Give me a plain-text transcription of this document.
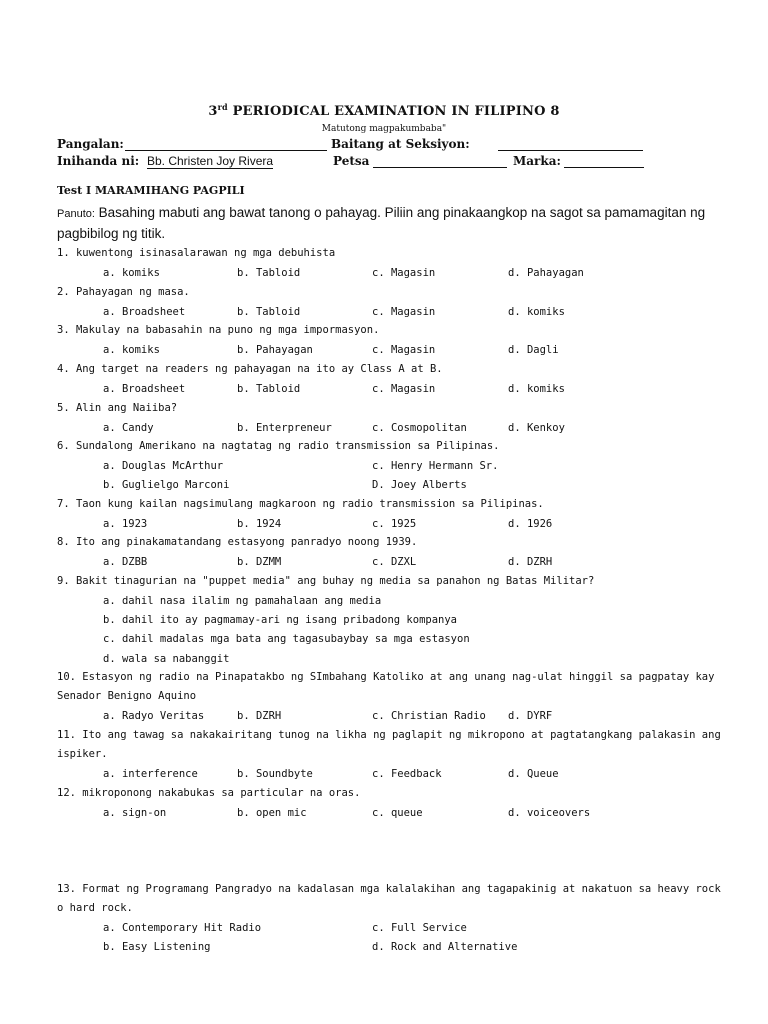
3rd PERIODICAL EXAMINATION IN FILIPINO 8
Matutong magpakumbaba"
Pangalan:	Baitang at Seksiyon:
Inihanda ni: Bb. Christen Joy Rivera	Petsa	Marka:
Test I MARAMIHANG PAGPILI
Panuto: Basahing mabuti ang bawat tanong o pahayag. Piliin ang pinakaangkop na sagot sa pamamagitan ng pagbibilog ng titik.
1. kuwentong isinasalarawan ng mga debuhista
a. komiks	b. Tabloid	c. Magasin	d. Pahayagan
2. Pahayagan ng masa.
a. Broadsheet	b. Tabloid	c. Magasin	d. komiks
3. Makulay na babasahin na puno ng mga impormasyon.
a. komiks	b. Pahayagan	c. Magasin	d. Dagli
4. Ang target na readers ng pahayagan na ito ay Class A at B.
a. Broadsheet	b. Tabloid	c. Magasin	d. komiks
5. Alin ang Naiiba?
a. Candy	b. Enterpreneur	c. Cosmopolitan	d. Kenkoy
6. Sundalong Amerikano na nagtatag ng radio transmission sa Pilipinas.
a. Douglas McArthur	c. Henry Hermann Sr.
b. Guglielgo Marconi	D. Joey Alberts
7. Taon kung kailan nagsimulang magkaroon ng radio transmission sa Pilipinas.
a. 1923	b. 1924	c. 1925	d. 1926
8. Ito ang pinakamatandang estasyong panradyo noong 1939.
a. DZBB	b. DZMM	c. DZXL	d. DZRH
9. Bakit tinagurian na "puppet media" ang buhay ng media sa panahon ng Batas Militar?
a. dahil nasa ilalim ng pamahalaan ang media
b. dahil ito ay pagmamay-ari ng isang pribadong kompanya
c. dahil madalas mga bata ang tagasubaybay sa mga estasyon
d. wala sa nabanggit
10. Estasyon ng radio na Pinapatakbo ng SImbahang Katoliko at ang unang nag-ulat hinggil sa pagpatay kay Senador Benigno Aquino
a. Radyo Veritas	b. DZRH	c. Christian Radio d. DYRF
11. Ito ang tawag sa nakakairitang tunog na likha ng paglapit ng mikropono at pagtatangkang palakasin ang ispiker.
a. interference	b. Soundbyte	c. Feedback	d. Queue
12. mikroponong nakabukas sa particular na oras.
a. sign-on	b. open mic	c. queue	d. voiceovers
13. Format ng Programang Pangradyo na kadalasan mga kalalakihan ang tagapakinig at nakatuon sa heavy rock o hard rock.
a. Contemporary Hit Radio	c. Full Service
b. Easy Listening	d. Rock and Alternative
